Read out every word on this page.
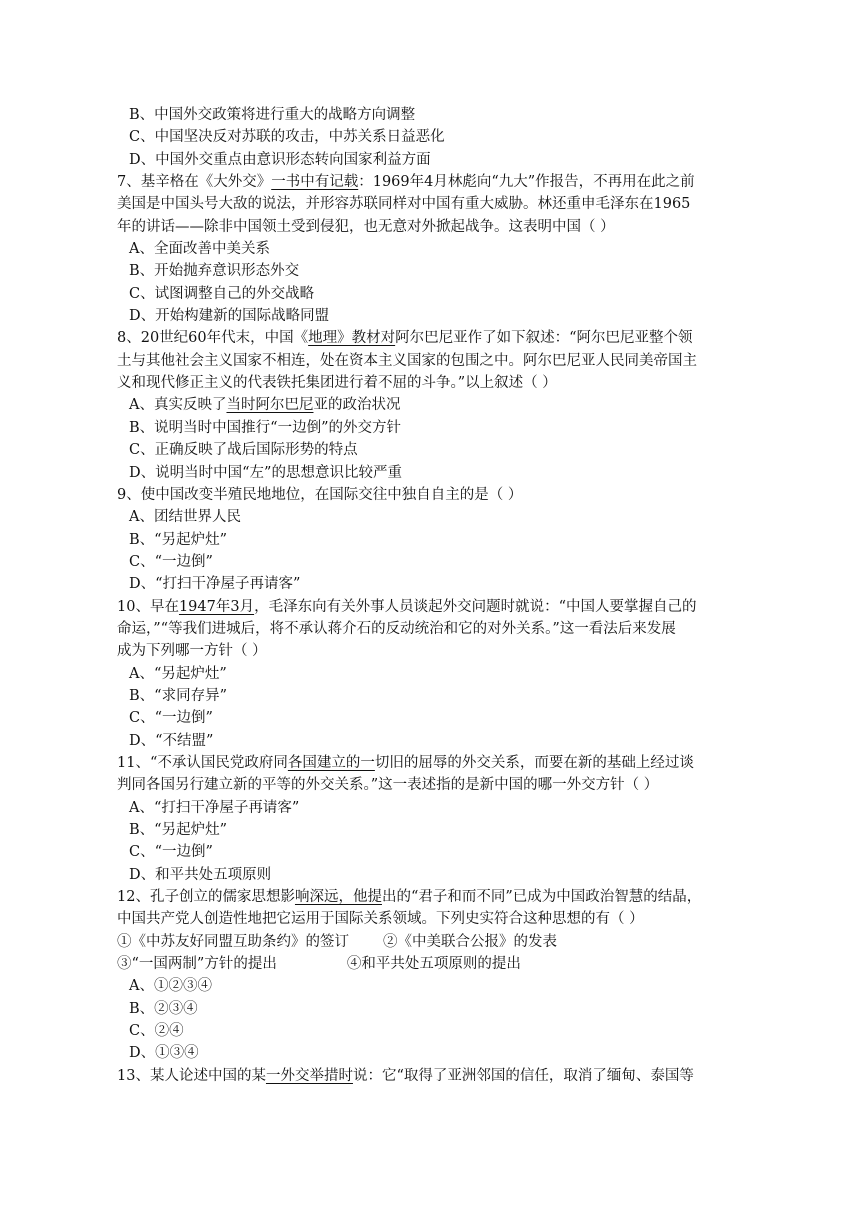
B、中国外交政策将进行重大的战略方向调整
C、中国坚决反对苏联的攻击，中苏关系日益恶化
D、中国外交重点由意识形态转向国家利益方面
7、基辛格在《大外交》一书中有记载：1969年4月林彪向“九大”作报告，不再用在此之前
美国是中国头号大敌的说法，并形容苏联同样对中国有重大威胁。林还重申毛泽东在1965
年的讲话——除非中国领土受到侵犯，也无意对外掀起战争。这表明中国（ ）
A、全面改善中美关系
B、开始抛弃意识形态外交
C、试图调整自己的外交战略
D、开始构建新的国际战略同盟
8、20世纪60年代末，中国《地理》教材对阿尔巴尼亚作了如下叙述：“阿尔巴尼亚整个领
土与其他社会主义国家不相连，处在资本主义国家的包围之中。阿尔巴尼亚人民同美帝国主
义和现代修正主义的代表铁托集团进行着不屈的斗争。”以上叙述（ ）
A、真实反映了当时阿尔巴尼亚的政治状况
B、说明当时中国推行“一边倒”的外交方针
C、正确反映了战后国际形势的特点
D、说明当时中国“左”的思想意识比较严重
9、使中国改变半殖民地地位，在国际交往中独自自主的是（ ）
A、团结世界人民
B、“另起炉灶”
C、“一边倒”
D、“打扫干净屋子再请客”
10、早在1947年3月，毛泽东向有关外事人员谈起外交问题时就说：“中国人要掌握自己的
命运，”“等我们进城后，将不承认蒋介石的反动统治和它的对外关系。”这一看法后来发展
成为下列哪一方针（ ）
A、“另起炉灶”
B、“求同存异”
C、“一边倒”
D、“不结盟”
11、“不承认国民党政府同各国建立的一切旧的屈辱的外交关系，而要在新的基础上经过谈
判同各国另行建立新的平等的外交关系。”这一表述指的是新中国的哪一外交方针（ ）
A、“打扫干净屋子再请客”
B、“另起炉灶”
C、“一边倒”
D、和平共处五项原则
12、孔子创立的儒家思想影响深远，他提出的“君子和而不同”已成为中国政治智慧的结晶，
中国共产党人创造性地把它运用于国际关系领域。下列史实符合这种思想的有（ ）
①《中苏友好同盟互助条约》的签订 ②《中美联合公报》的发表
③“一国两制”方针的提出	④和平共处五项原则的提出
A、①②③④
B、②③④
C、②④
D、①③④
13、某人论述中国的某一外交举措时说：它“取得了亚洲邻国的信任，取消了缅甸、泰国等
